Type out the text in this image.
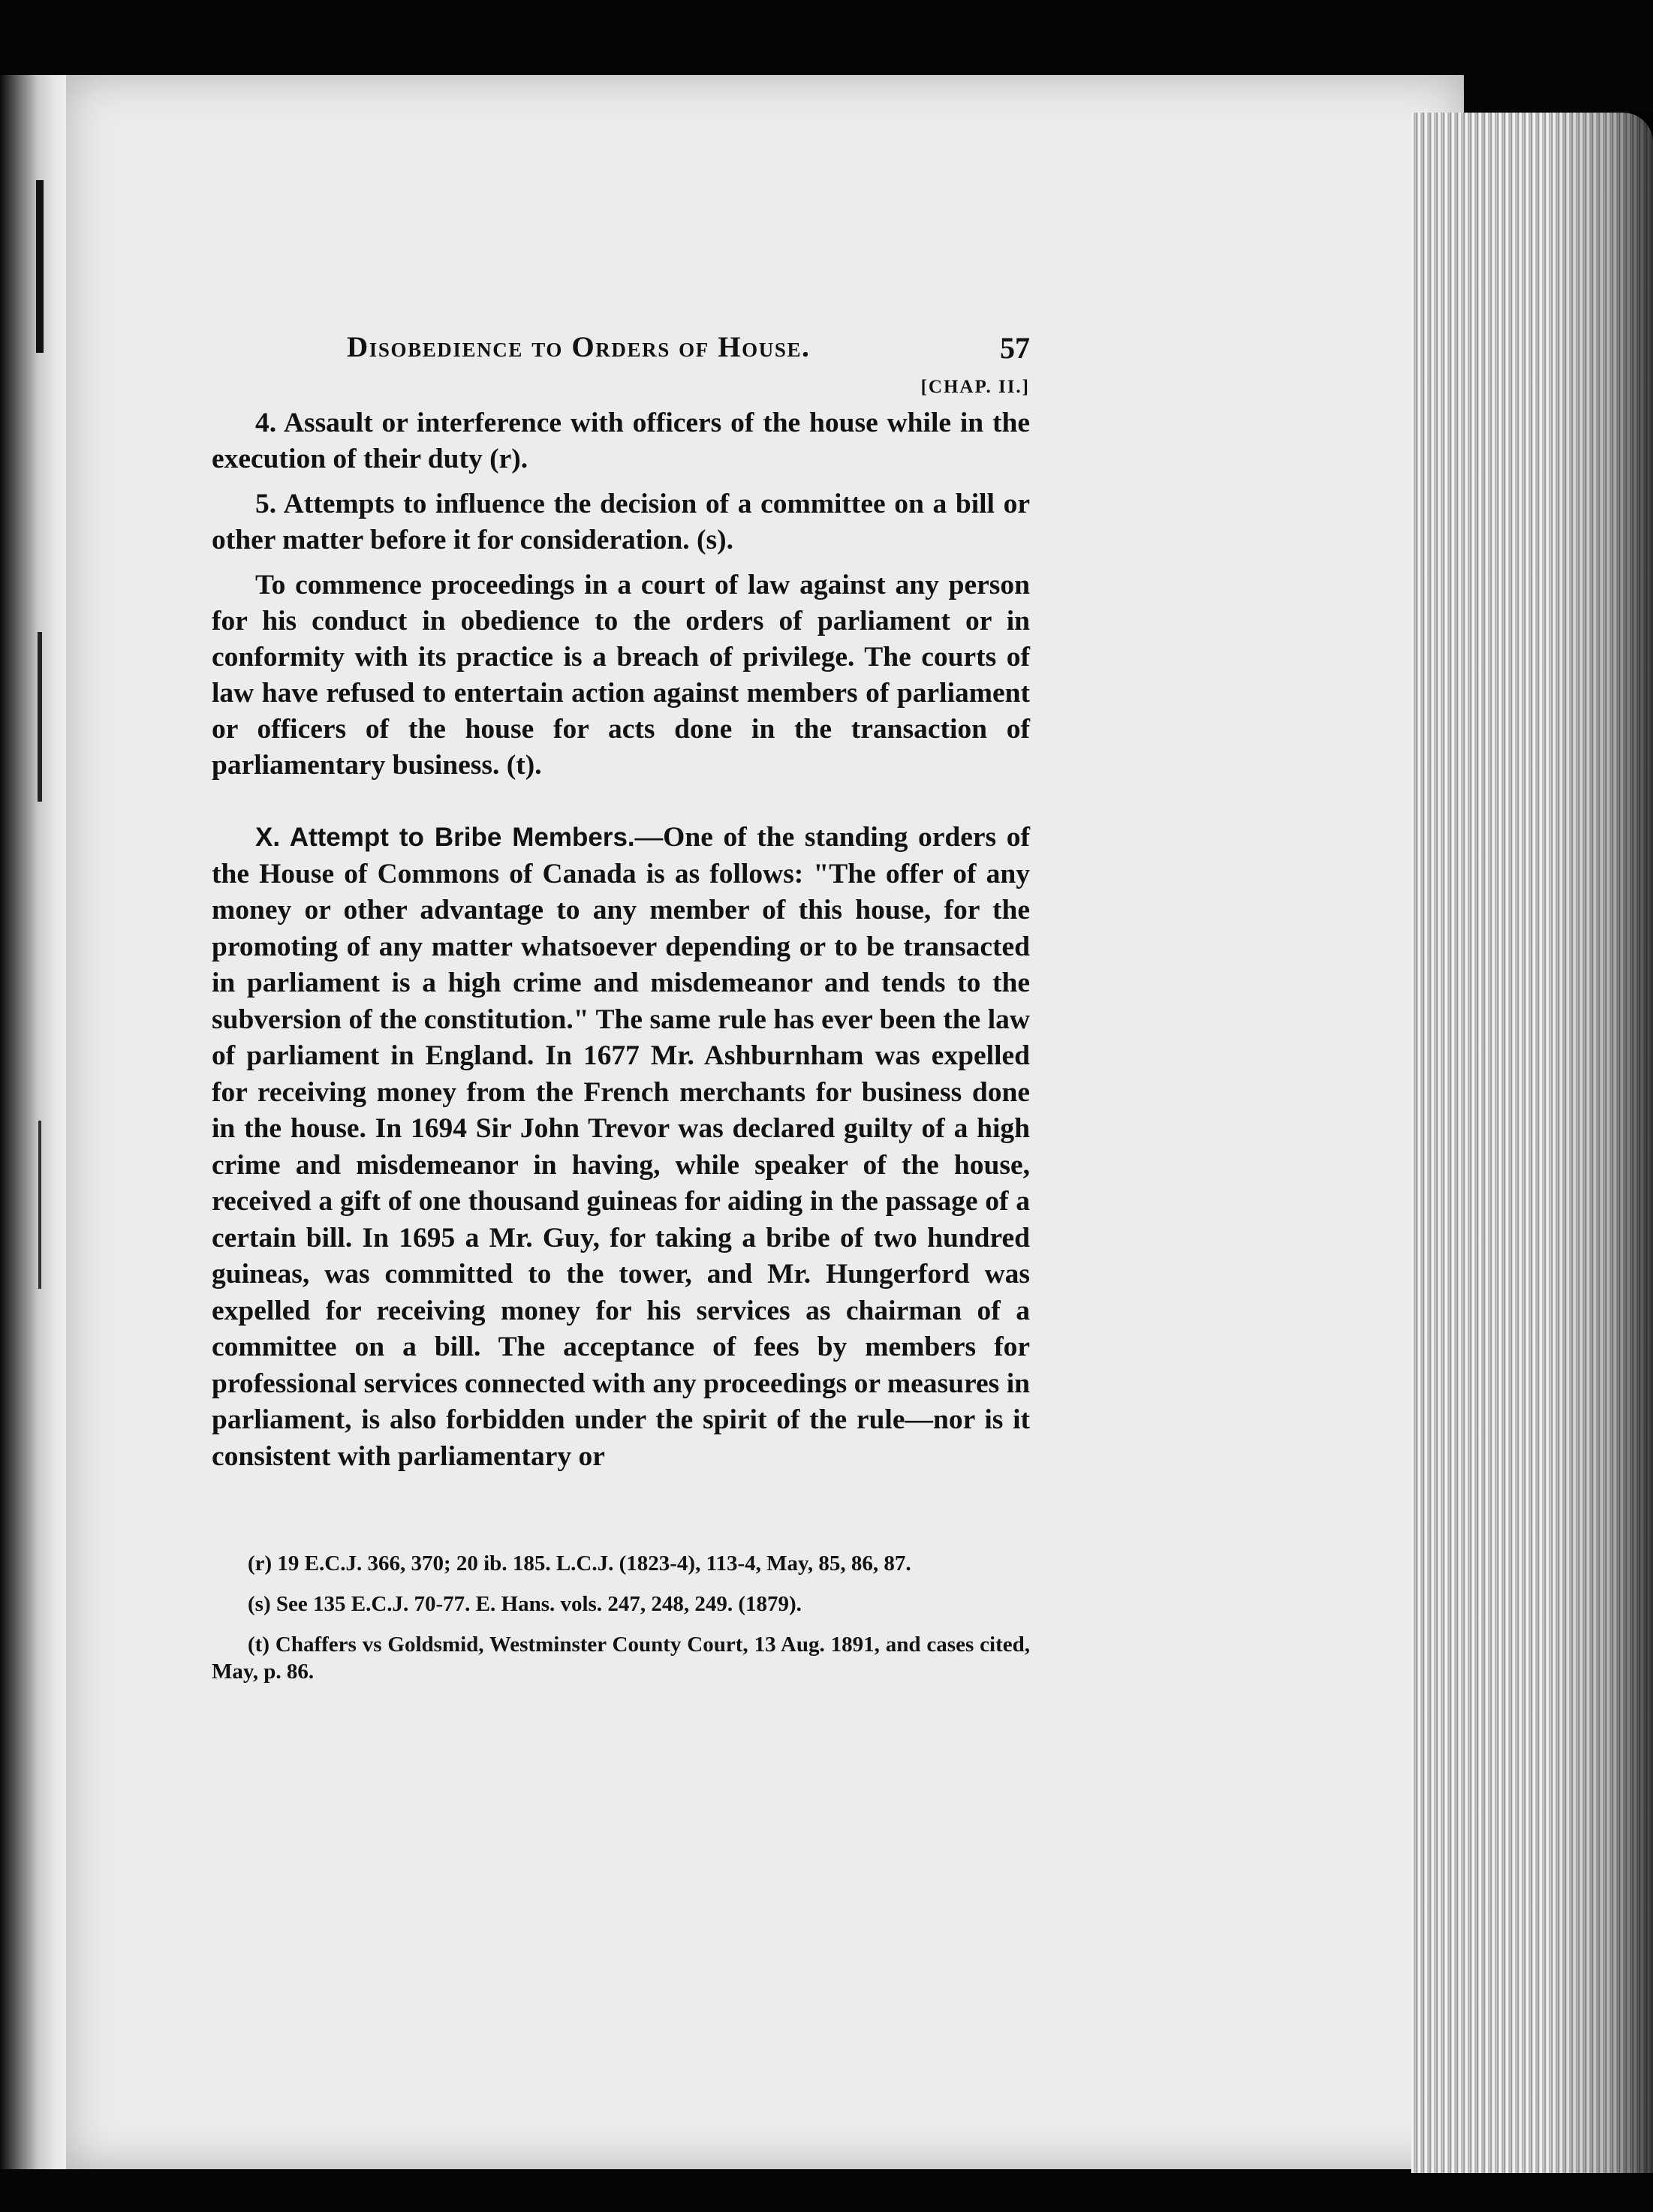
Disobedience to Orders of House.	57
[CHAP. II.]

4. Assault or interference with officers of the house while in the execution of their duty (r).

5. Attempts to influence the decision of a committee on a bill or other matter before it for consideration. (s).

To commence proceedings in a court of law against any person for his conduct in obedience to the orders of parliament or in conformity with its practice is a breach of privilege. The courts of law have refused to entertain action against members of parliament or officers of the house for acts done in the transaction of parliamentary business. (t).

X. Attempt to Bribe Members.—One of the standing orders of the House of Commons of Canada is as follows: "The offer of any money or other advantage to any member of this house, for the promoting of any matter whatsoever depending or to be transacted in parliament is a high crime and misdemeanor and tends to the subversion of the constitution." The same rule has ever been the law of parliament in England. In 1677 Mr. Ashburnham was expelled for receiving money from the French merchants for business done in the house. In 1694 Sir John Trevor was declared guilty of a high crime and misdemeanor in having, while speaker of the house, received a gift of one thousand guineas for aiding in the passage of a certain bill. In 1695 a Mr. Guy, for taking a bribe of two hundred guineas, was committed to the tower, and Mr. Hungerford was expelled for receiving money for his services as chairman of a committee on a bill. The acceptance of fees by members for professional services connected with any proceedings or measures in parliament, is also forbidden under the spirit of the rule—nor is it consistent with parliamentary or

(r) 19 E.C.J. 366, 370; 20 ib. 185. L.C.J. (1823-4), 113-4, May, 85, 86, 87.

(s) See 135 E.C.J. 70-77. E. Hans. vols. 247, 248, 249. (1879).

(t) Chaffers vs Goldsmid, Westminster County Court, 13 Aug. 1891, and cases cited, May, p. 86.
